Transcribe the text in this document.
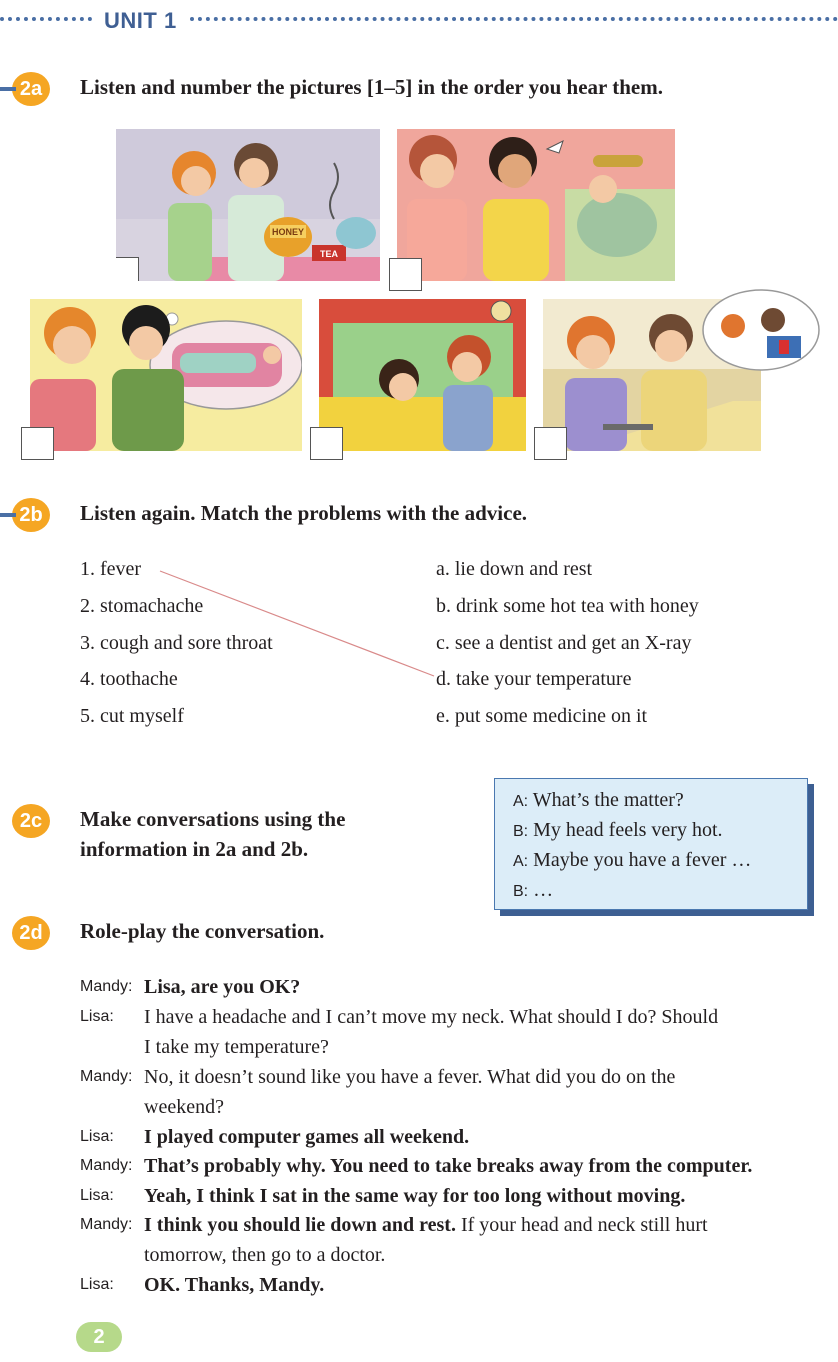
UNIT 1
2a	Listen and number the pictures [1–5] in the order you hear them.
HONEY
TEA
2b	Listen again. Match the problems with the advice.
1. fever
2. stomachache
3. cough and sore throat
4. toothache
5. cut myself
a. lie down and rest
b. drink some hot tea with honey
c. see a dentist and get an X-ray
d. take your temperature
e. put some medicine on it
2c	Make conversations using the
information in 2a and 2b.
A: What’s the matter?
B: My head feels very hot.
A: Maybe you have a fever …
B: …
2d	Role-play the conversation.
Mandy: Lisa, are you OK?
Lisa: I have a headache and I can’t move my neck. What should I do? Should
I take my temperature?
Mandy: No, it doesn’t sound like you have a fever. What did you do on the
weekend?
Lisa: I played computer games all weekend.
Mandy: That’s probably why. You need to take breaks away from the computer.
Lisa: Yeah, I think I sat in the same way for too long without moving.
Mandy: I think you should lie down and rest. If your head and neck still hurt
tomorrow, then go to a doctor.
Lisa: OK. Thanks, Mandy.
2
